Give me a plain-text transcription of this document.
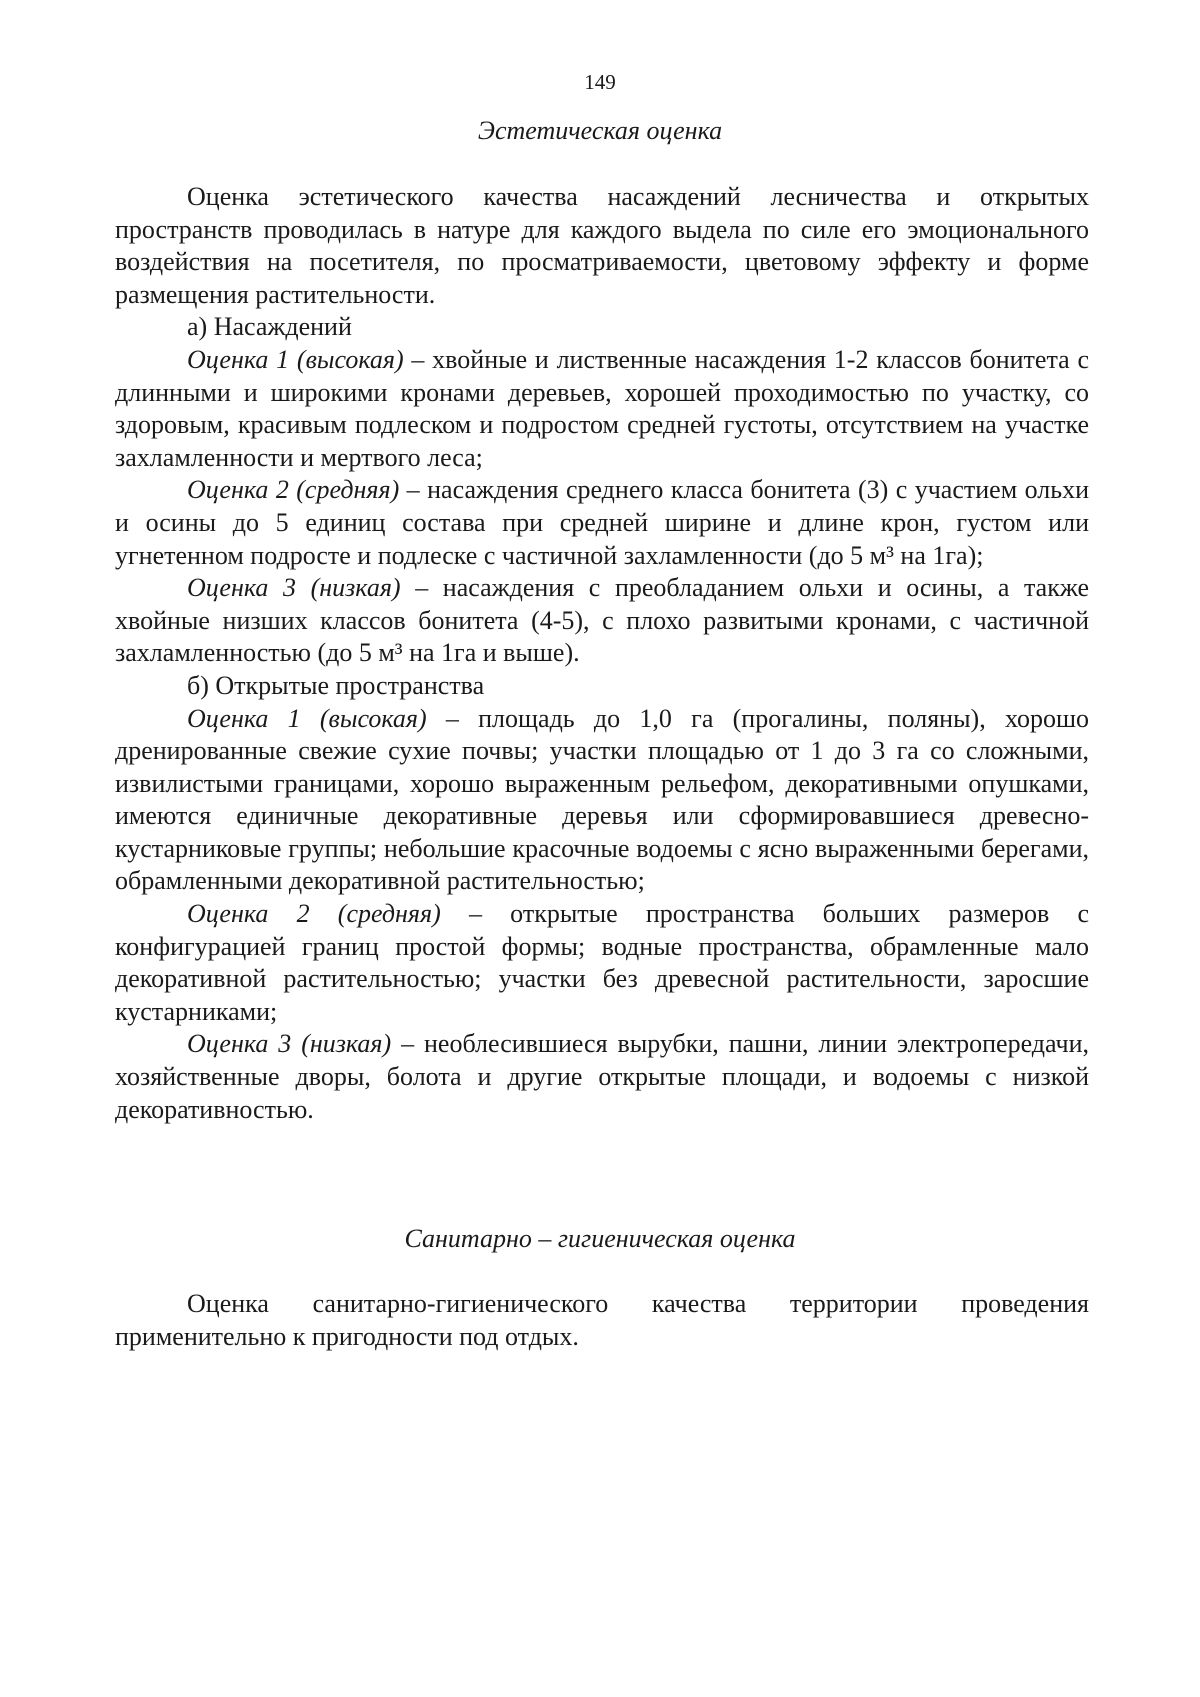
149
Эстетическая оценка

Оценка эстетического качества насаждений лесничества и открытых пространств проводилась в натуре для каждого выдела по силе его эмоционального воздействия на посетителя, по просматриваемости, цветовому эффекту и форме размещения растительности.

а) Насаждений

Оценка 1 (высокая) – хвойные и лиственные насаждения 1-2 классов бонитета с длинными и широкими кронами деревьев, хорошей проходимостью по участку, со здоровым, красивым подлеском и подростом средней густоты, отсутствием на участке захламленности и мертвого леса;

Оценка 2 (средняя) – насаждения среднего класса бонитета (3) с участием ольхи и осины до 5 единиц состава при средней ширине и длине крон, густом или угнетенном подросте и подлеске с частичной захламленности (до 5 м³ на 1га);

Оценка 3 (низкая) – насаждения с преобладанием ольхи и осины, а также хвойные низших классов бонитета (4-5), с плохо развитыми кронами, с частичной захламленностью (до 5 м³ на 1га и выше).

б) Открытые пространства

Оценка 1 (высокая) – площадь до 1,0 га (прогалины, поляны), хорошо дренированные свежие сухие почвы; участки площадью от 1 до 3 га со сложными, извилистыми границами, хорошо выраженным рельефом, декоративными опушками, имеются единичные декоративные деревья или сформировавшиеся древесно-кустарниковые группы; небольшие красочные водоемы с ясно выраженными берегами, обрамленными декоративной растительностью;

Оценка 2 (средняя) – открытые пространства больших размеров с конфигурацией границ простой формы; водные пространства, обрамленные мало декоративной растительностью; участки без древесной растительности, заросшие кустарниками;

Оценка 3 (низкая) – необлесившиеся вырубки, пашни, линии электропередачи, хозяйственные дворы, болота и другие открытые площади, и водоемы с низкой декоративностью.

Санитарно – гигиеническая оценка

Оценка санитарно-гигиенического качества территории проведения применительно к пригодности под отдых.
